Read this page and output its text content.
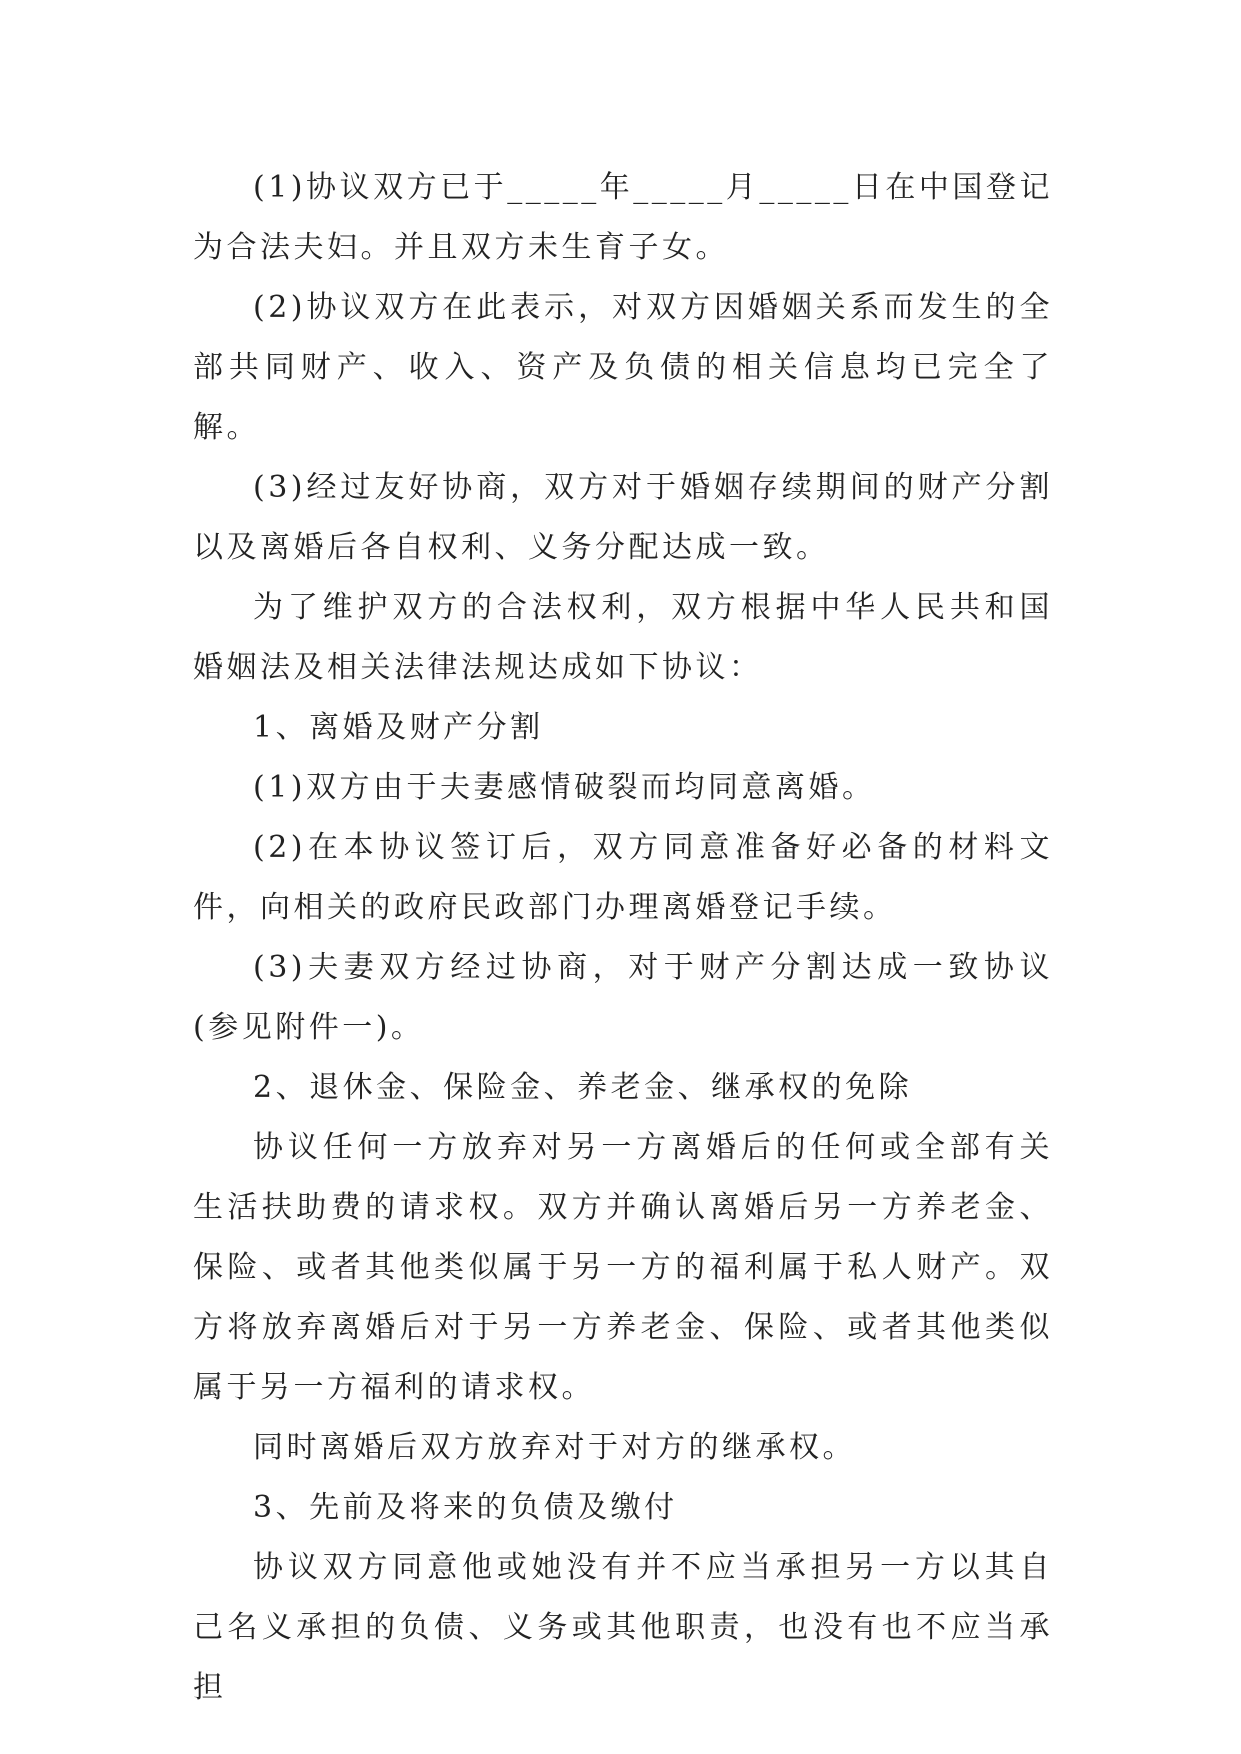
(1)协议双方已于_____年_____月_____日在中国登记为合法夫妇。并且双方未生育子女。

(2)协议双方在此表示，对双方因婚姻关系而发生的全部共同财产、收入、资产及负债的相关信息均已完全了解。

(3)经过友好协商，双方对于婚姻存续期间的财产分割以及离婚后各自权利、义务分配达成一致。

为了维护双方的合法权利，双方根据中华人民共和国婚姻法及相关法律法规达成如下协议：

1、离婚及财产分割

(1)双方由于夫妻感情破裂而均同意离婚。

(2)在本协议签订后，双方同意准备好必备的材料文件，向相关的政府民政部门办理离婚登记手续。

(3)夫妻双方经过协商，对于财产分割达成一致协议(参见附件一)。

2、退休金、保险金、养老金、继承权的免除

协议任何一方放弃对另一方离婚后的任何或全部有关生活扶助费的请求权。双方并确认离婚后另一方养老金、保险、或者其他类似属于另一方的福利属于私人财产。双方将放弃离婚后对于另一方养老金、保险、或者其他类似属于另一方福利的请求权。

同时离婚后双方放弃对于对方的继承权。

3、先前及将来的负债及缴付

协议双方同意他或她没有并不应当承担另一方以其自己名义承担的负债、义务或其他职责，也没有也不应当承担
